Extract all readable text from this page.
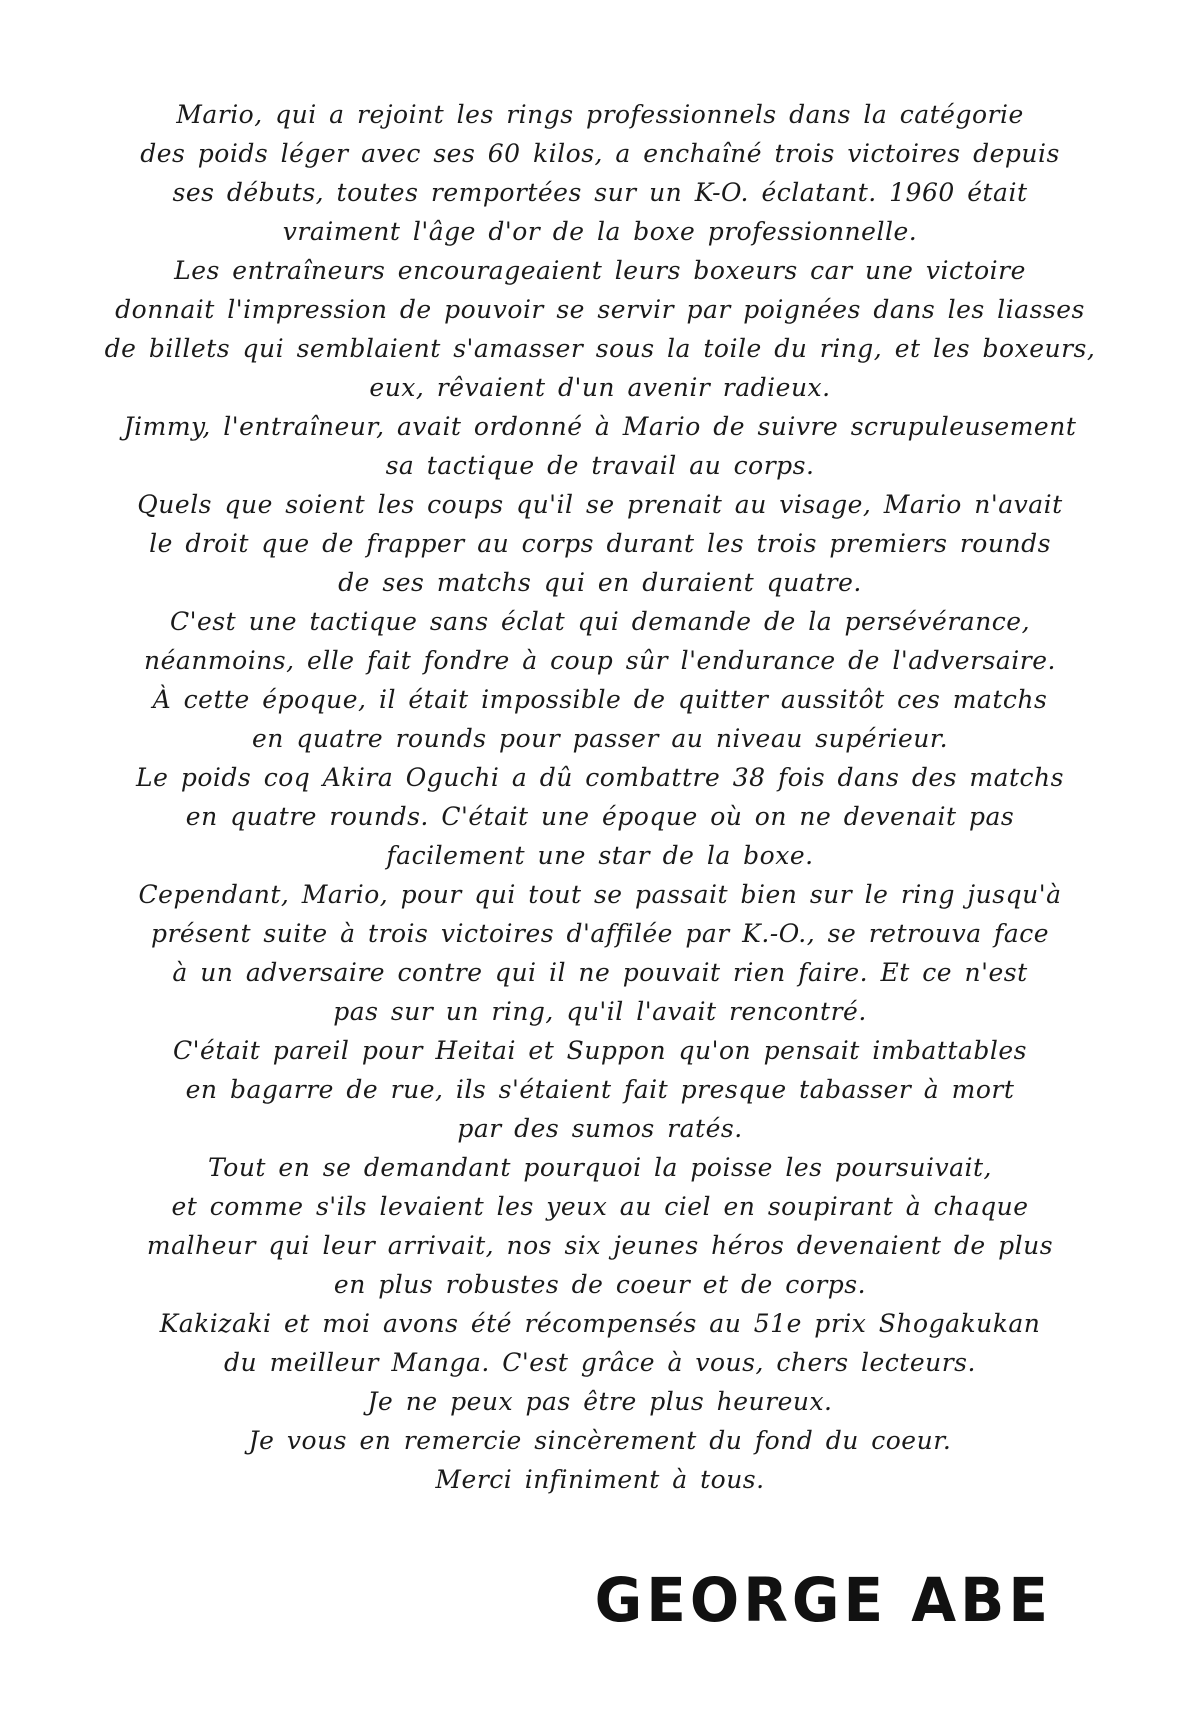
Mario, qui a rejoint les rings professionnels dans la catégorie
des poids léger avec ses 60 kilos, a enchaîné trois victoires depuis
ses débuts, toutes remportées sur un K-O. éclatant. 1960 était
vraiment l'âge d'or de la boxe professionnelle.
Les entraîneurs encourageaient leurs boxeurs car une victoire
donnait l'impression de pouvoir se servir par poignées dans les liasses
de billets qui semblaient s'amasser sous la toile du ring, et les boxeurs,
eux, rêvaient d'un avenir radieux.
Jimmy, l'entraîneur, avait ordonné à Mario de suivre scrupuleusement
sa tactique de travail au corps.
Quels que soient les coups qu'il se prenait au visage, Mario n'avait
le droit que de frapper au corps durant les trois premiers rounds
de ses matchs qui en duraient quatre.
C'est une tactique sans éclat qui demande de la persévérance,
néanmoins, elle fait fondre à coup sûr l'endurance de l'adversaire.
À cette époque, il était impossible de quitter aussitôt ces matchs
en quatre rounds pour passer au niveau supérieur.
Le poids coq Akira Oguchi a dû combattre 38 fois dans des matchs
en quatre rounds. C'était une époque où on ne devenait pas
facilement une star de la boxe.
Cependant, Mario, pour qui tout se passait bien sur le ring jusqu'à
présent suite à trois victoires d'affilée par K.-O., se retrouva face
à un adversaire contre qui il ne pouvait rien faire. Et ce n'est
pas sur un ring, qu'il l'avait rencontré.
C'était pareil pour Heitai et Suppon qu'on pensait imbattables
en bagarre de rue, ils s'étaient fait presque tabasser à mort
par des sumos ratés.
Tout en se demandant pourquoi la poisse les poursuivait,
et comme s'ils levaient les yeux au ciel en soupirant à chaque
malheur qui leur arrivait, nos six jeunes héros devenaient de plus
en plus robustes de coeur et de corps.
Kakizaki et moi avons été récompensés au 51e prix Shogakukan
du meilleur Manga. C'est grâce à vous, chers lecteurs.
Je ne peux pas être plus heureux.
Je vous en remercie sincèrement du fond du coeur.
Merci infiniment à tous.
GEORGE ABE
